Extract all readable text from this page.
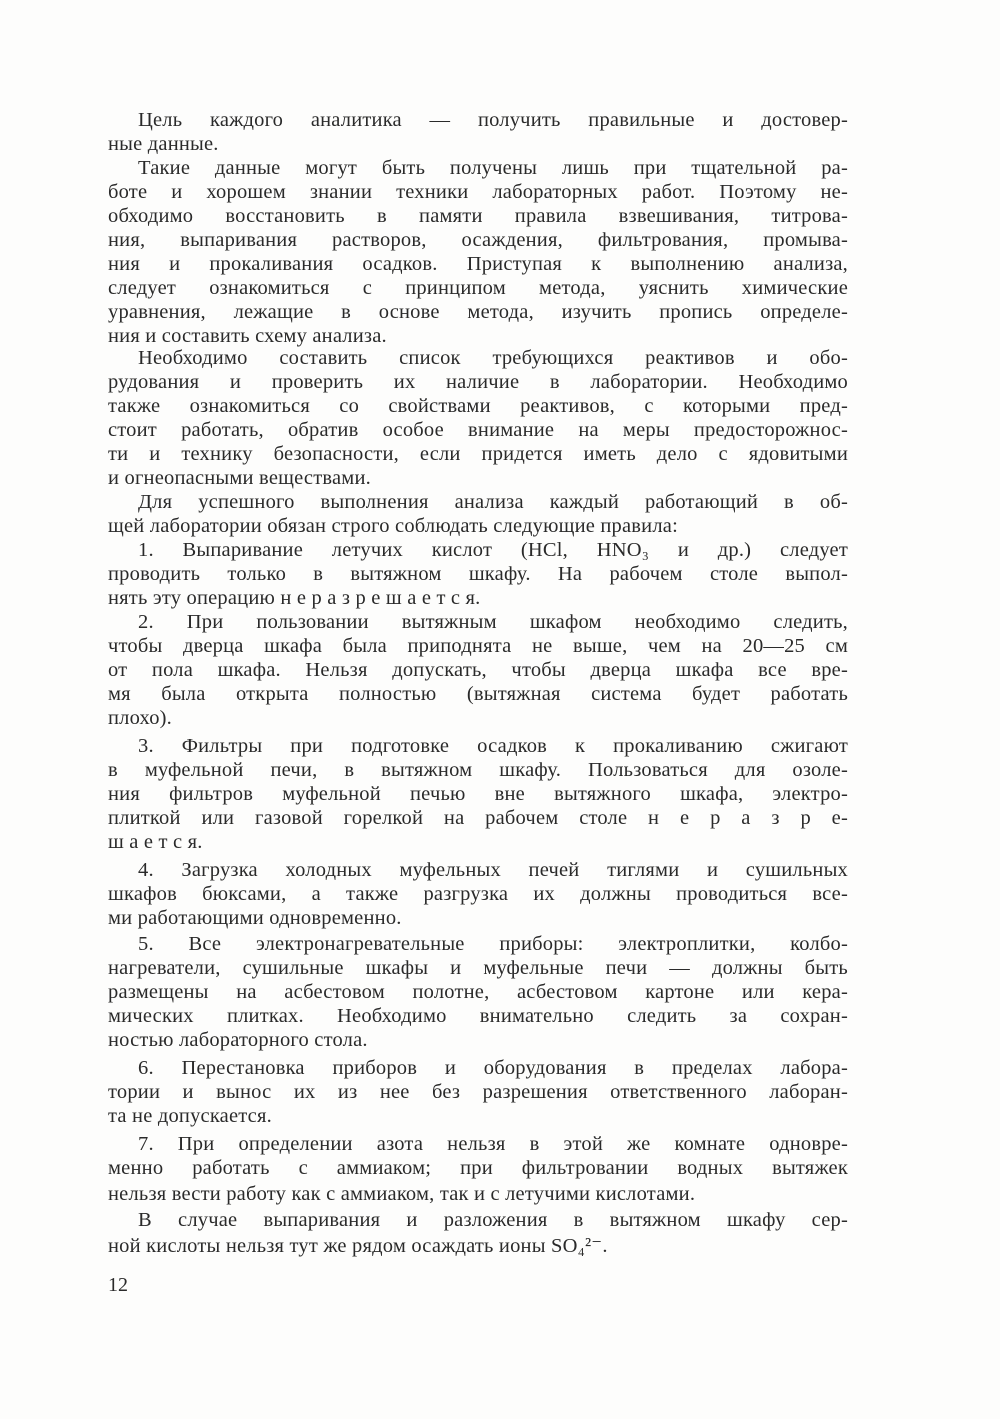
12
Цель каждого аналитика — получить правильные и достовер-
ные данные.
Такие данные могут быть получены лишь при тщательной ра-
боте и хорошем знании техники лабораторных работ. Поэтому не-
обходимо восстановить в памяти правила взвешивания, титрова-
ния, выпаривания растворов, осаждения, фильтрования, промыва-
ния и прокаливания осадков. Приступая к выполнению анализа,
следует ознакомиться с принципом метода, уяснить химические
уравнения, лежащие в основе метода, изучить пропись определе-
ния и составить схему анализа.
Необходимо составить список требующихся реактивов и обо-
рудования и проверить их наличие в лаборатории. Необходимо
также ознакомиться со свойствами реактивов, с которыми пред-
стоит работать, обратив особое внимание на меры предосторожнос-
ти и технику безопасности, если придется иметь дело с ядовитыми
и огнеопасными веществами.
Для успешного выполнения анализа каждый работающий в об-
щей лаборатории обязан строго соблюдать следующие правила:
1. Выпаривание летучих кислот (HCl, HNO₃ и др.) следует
проводить только в вытяжном шкафу. На рабочем столе выпол-
нять эту операцию н е р а з р е ш а е т с я.
2. При пользовании вытяжным шкафом необходимо следить,
чтобы дверца шкафа была приподнята не выше, чем на 20—25 см
от пола шкафа. Нельзя допускать, чтобы дверца шкафа все вре-
мя была открыта полностью (вытяжная система будет работать
плохо).
3. Фильтры при подготовке осадков к прокаливанию сжигают
в муфельной печи, в вытяжном шкафу. Пользоваться для озоле-
ния фильтров муфельной печью вне вытяжного шкафа, электро-
плиткой или газовой горелкой на рабочем столе н е р а з р е-
ш а е т с я.
4. Загрузка холодных муфельных печей тиглями и сушильных
шкафов бюксами, а также разгрузка их должны проводиться все-
ми работающими одновременно.
5. Все электронагревательные приборы: электроплитки, колбо-
нагреватели, сушильные шкафы и муфельные печи — должны быть
размещены на асбестовом полотне, асбестовом картоне или кера-
мических плитках. Необходимо внимательно следить за сохран-
ностью лабораторного стола.
6. Перестановка приборов и оборудования в пределах лабора-
тории и вынос их из нее без разрешения ответственного лаборан-
та не допускается.
7. При определении азота нельзя в этой же комнате одновре-
менно работать с аммиаком; при фильтровании водных вытяжек
нельзя вести работу как с аммиаком, так и с летучими кислотами.
В случае выпаривания и разложения в вытяжном шкафу сер-
ной кислоты нельзя тут же рядом осаждать ионы SO₄²⁻.
